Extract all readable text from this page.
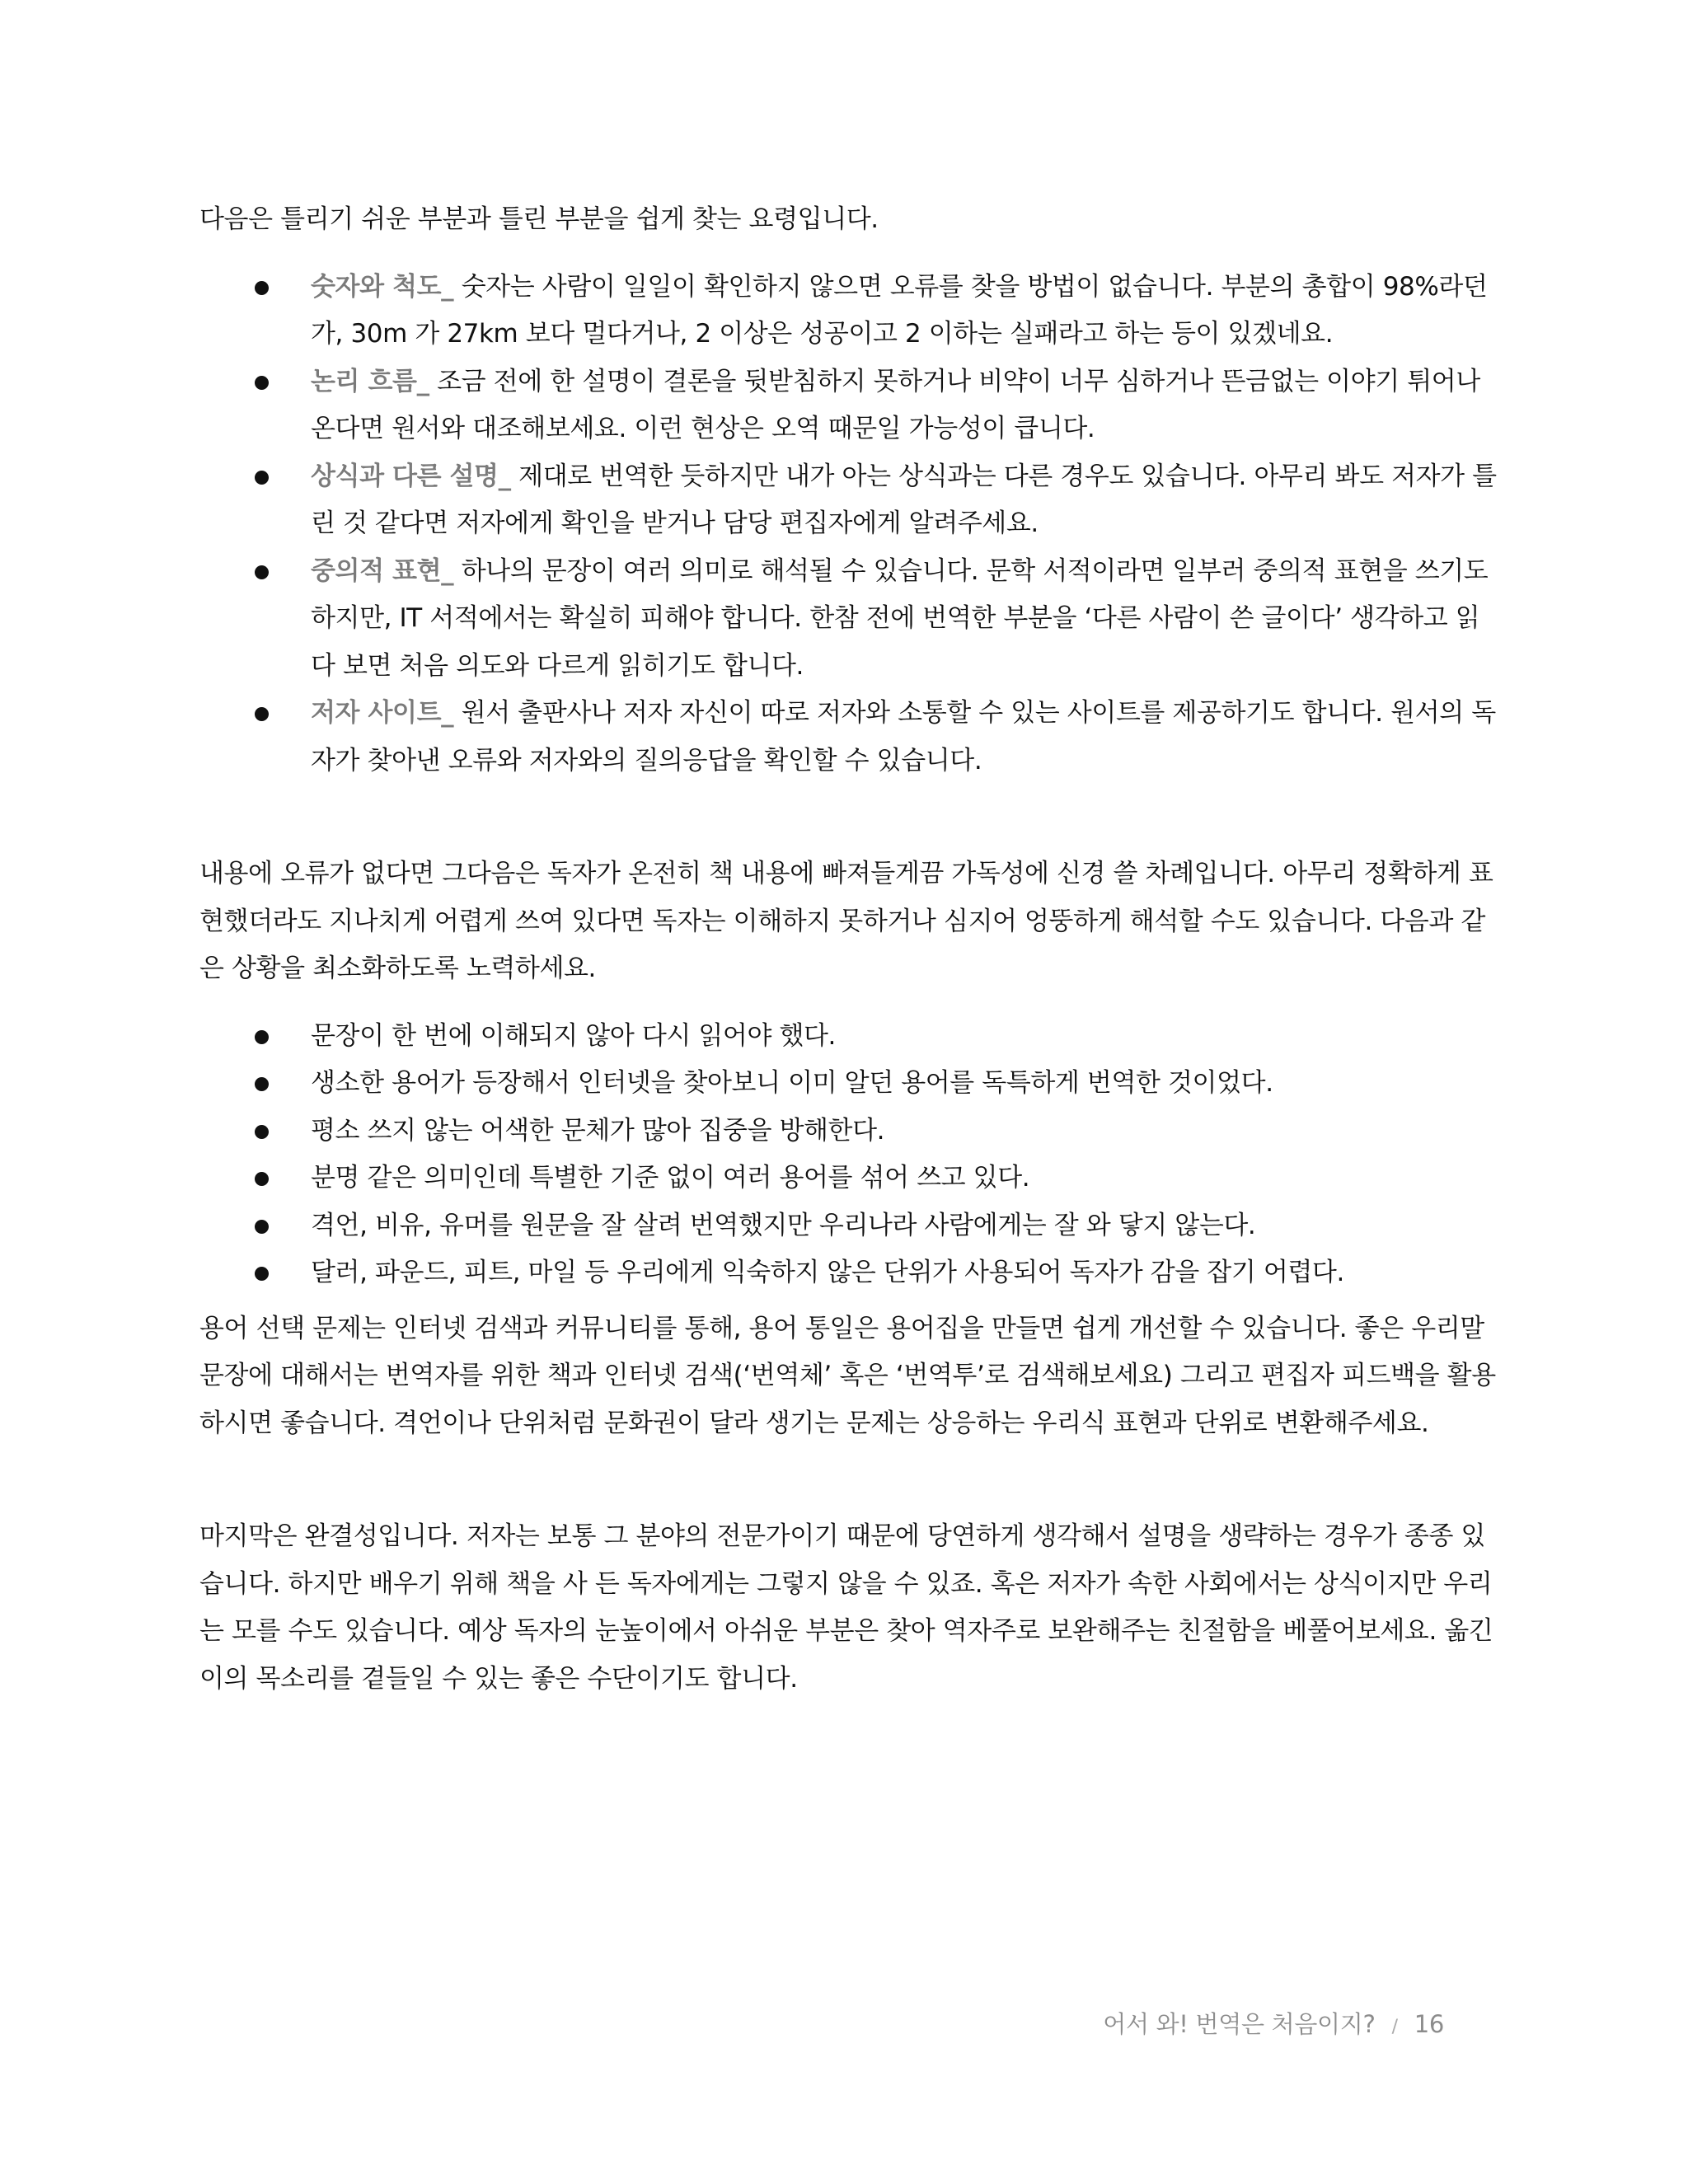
다음은 틀리기 쉬운 부분과 틀린 부분을 쉽게 찾는 요령입니다.

숫자와 척도_ 숫자는 사람이 일일이 확인하지 않으면 오류를 찾을 방법이 없습니다. 부분의 총합이 98%라던가, 30m 가 27km 보다 멀다거나, 2 이상은 성공이고 2 이하는 실패라고 하는 등이 있겠네요.
논리 흐름_ 조금 전에 한 설명이 결론을 뒷받침하지 못하거나 비약이 너무 심하거나 뜬금없는 이야기 튀어나온다면 원서와 대조해보세요. 이런 현상은 오역 때문일 가능성이 큽니다.
상식과 다른 설명_ 제대로 번역한 듯하지만 내가 아는 상식과는 다른 경우도 있습니다. 아무리 봐도 저자가 틀린 것 같다면 저자에게 확인을 받거나 담당 편집자에게 알려주세요.
중의적 표현_ 하나의 문장이 여러 의미로 해석될 수 있습니다. 문학 서적이라면 일부러 중의적 표현을 쓰기도 하지만, IT 서적에서는 확실히 피해야 합니다. 한참 전에 번역한 부분을 ‘다른 사람이 쓴 글이다’ 생각하고 읽다 보면 처음 의도와 다르게 읽히기도 합니다.
저자 사이트_ 원서 출판사나 저자 자신이 따로 저자와 소통할 수 있는 사이트를 제공하기도 합니다. 원서의 독자가 찾아낸 오류와 저자와의 질의응답을 확인할 수 있습니다.

내용에 오류가 없다면 그다음은 독자가 온전히 책 내용에 빠져들게끔 가독성에 신경 쓸 차례입니다. 아무리 정확하게 표현했더라도 지나치게 어렵게 쓰여 있다면 독자는 이해하지 못하거나 심지어 엉뚱하게 해석할 수도 있습니다. 다음과 같은 상황을 최소화하도록 노력하세요.

문장이 한 번에 이해되지 않아 다시 읽어야 했다.
생소한 용어가 등장해서 인터넷을 찾아보니 이미 알던 용어를 독특하게 번역한 것이었다.
평소 쓰지 않는 어색한 문체가 많아 집중을 방해한다.
분명 같은 의미인데 특별한 기준 없이 여러 용어를 섞어 쓰고 있다.
격언, 비유, 유머를 원문을 잘 살려 번역했지만 우리나라 사람에게는 잘 와 닿지 않는다.
달러, 파운드, 피트, 마일 등 우리에게 익숙하지 않은 단위가 사용되어 독자가 감을 잡기 어렵다.

용어 선택 문제는 인터넷 검색과 커뮤니티를 통해, 용어 통일은 용어집을 만들면 쉽게 개선할 수 있습니다. 좋은 우리말 문장에 대해서는 번역자를 위한 책과 인터넷 검색(‘번역체’ 혹은 ‘번역투’로 검색해보세요) 그리고 편집자 피드백을 활용하시면 좋습니다. 격언이나 단위처럼 문화권이 달라 생기는 문제는 상응하는 우리식 표현과 단위로 변환해주세요.

마지막은 완결성입니다. 저자는 보통 그 분야의 전문가이기 때문에 당연하게 생각해서 설명을 생략하는 경우가 종종 있습니다. 하지만 배우기 위해 책을 사 든 독자에게는 그렇지 않을 수 있죠. 혹은 저자가 속한 사회에서는 상식이지만 우리는 모를 수도 있습니다. 예상 독자의 눈높이에서 아쉬운 부분은 찾아 역자주로 보완해주는 친절함을 베풀어보세요. 옮긴이의 목소리를 곁들일 수 있는 좋은 수단이기도 합니다.

어서 와! 번역은 처음이지? / 16
